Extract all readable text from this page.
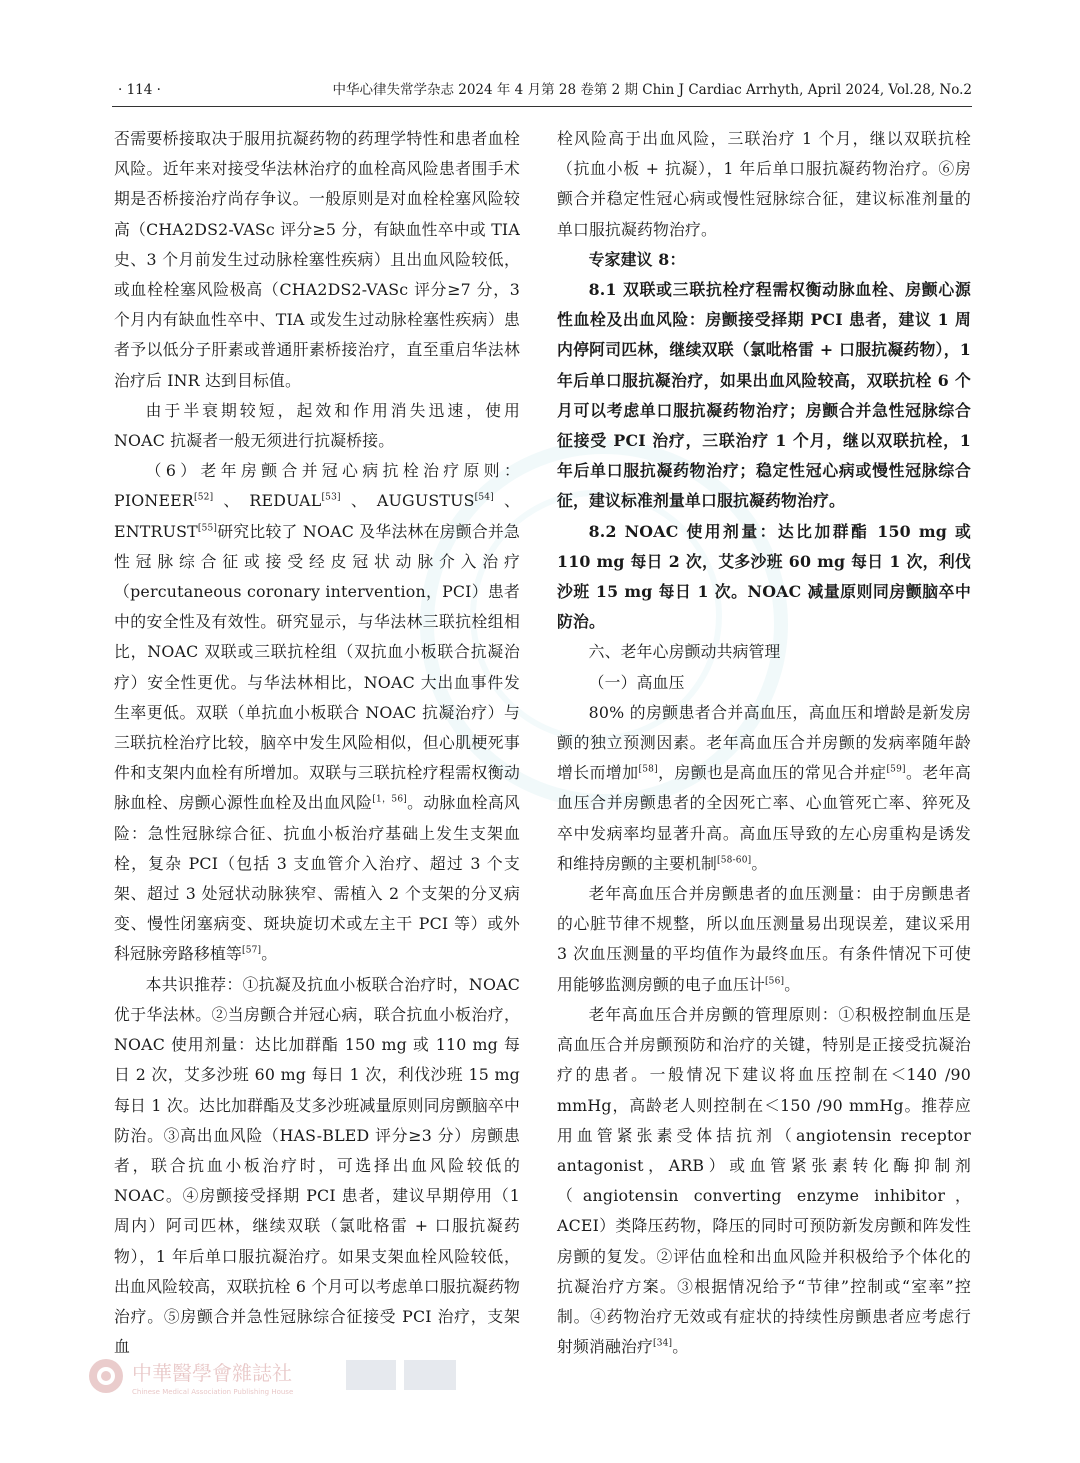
· 114 ·	中华心律失常学杂志 2024 年 4 月第 28 卷第 2 期 Chin J Cardiac Arrhyth, April 2024, Vol.28, No.2

否需要桥接取决于服用抗凝药物的药理学特性和患者血栓风险。近年来对接受华法林治疗的血栓高风险患者围手术期是否桥接治疗尚存争议。一般原则是对血栓栓塞风险较高（CHA2DS2-VASc 评分≥5 分，有缺血性卒中或 TIA 史、3 个月前发生过动脉栓塞性疾病）且出血风险较低，或血栓栓塞风险极高（CHA2DS2-VASc 评分≥7 分，3 个月内有缺血性卒中、TIA 或发生过动脉栓塞性疾病）患者予以低分子肝素或普通肝素桥接治疗，直至重启华法林治疗后 INR 达到目标值。

由于半衰期较短，起效和作用消失迅速，使用 NOAC 抗凝者一般无须进行抗凝桥接。

（6）老年房颤合并冠心病抗栓治疗原则：PIONEER[52]、REDUAL[53]、AUGUSTUS[54]、ENTRUST[55]研究比较了 NOAC 及华法林在房颤合并急性冠脉综合征或接受经皮冠状动脉介入治疗（percutaneous coronary intervention，PCI）患者中的安全性及有效性。研究显示，与华法林三联抗栓组相比，NOAC 双联或三联抗栓组（双抗血小板联合抗凝治疗）安全性更优。与华法林相比，NOAC 大出血事件发生率更低。双联（单抗血小板联合 NOAC 抗凝治疗）与三联抗栓治疗比较，脑卒中发生风险相似，但心肌梗死事件和支架内血栓有所增加。双联与三联抗栓疗程需权衡动脉血栓、房颤心源性血栓及出血风险[1，56]。动脉血栓高风险：急性冠脉综合征、抗血小板治疗基础上发生支架血栓，复杂 PCI（包括 3 支血管介入治疗、超过 3 个支架、超过 3 处冠状动脉狭窄、需植入 2 个支架的分叉病变、慢性闭塞病变、斑块旋切术或左主干 PCI 等）或外科冠脉旁路移植等[57]。

本共识推荐：①抗凝及抗血小板联合治疗时，NOAC 优于华法林。②当房颤合并冠心病，联合抗血小板治疗，NOAC 使用剂量：达比加群酯 150 mg 或 110 mg 每日 2 次，艾多沙班 60 mg 每日 1 次，利伐沙班 15 mg 每日 1 次。达比加群酯及艾多沙班减量原则同房颤脑卒中防治。③高出血风险（HAS-BLED 评分≥3 分）房颤患者，联合抗血小板治疗时，可选择出血风险较低的 NOAC。④房颤接受择期 PCI 患者，建议早期停用（1 周内）阿司匹林，继续双联（氯吡格雷 + 口服抗凝药物），1 年后单口服抗凝治疗。如果支架血栓风险较低，出血风险较高，双联抗栓 6 个月可以考虑单口服抗凝药物治疗。⑤房颤合并急性冠脉综合征接受 PCI 治疗，支架血

栓风险高于出血风险，三联治疗 1 个月，继以双联抗栓（抗血小板 + 抗凝），1 年后单口服抗凝药物治疗。⑥房颤合并稳定性冠心病或慢性冠脉综合征，建议标准剂量的单口服抗凝药物治疗。

专家建议 8：

8.1 双联或三联抗栓疗程需权衡动脉血栓、房颤心源性血栓及出血风险：房颤接受择期 PCI 患者，建议 1 周内停阿司匹林，继续双联（氯吡格雷 + 口服抗凝药物），1 年后单口服抗凝治疗，如果出血风险较高，双联抗栓 6 个月可以考虑单口服抗凝药物治疗；房颤合并急性冠脉综合征接受 PCI 治疗，三联治疗 1 个月，继以双联抗栓，1 年后单口服抗凝药物治疗；稳定性冠心病或慢性冠脉综合征，建议标准剂量单口服抗凝药物治疗。

8.2 NOAC 使用剂量：达比加群酯 150 mg 或 110 mg 每日 2 次，艾多沙班 60 mg 每日 1 次，利伐沙班 15 mg 每日 1 次。NOAC 减量原则同房颤脑卒中防治。

六、老年心房颤动共病管理

（一）高血压

80% 的房颤患者合并高血压，高血压和增龄是新发房颤的独立预测因素。老年高血压合并房颤的发病率随年龄增长而增加[58]，房颤也是高血压的常见合并症[59]。老年高血压合并房颤患者的全因死亡率、心血管死亡率、猝死及卒中发病率均显著升高。高血压导致的左心房重构是诱发和维持房颤的主要机制[58-60]。

老年高血压合并房颤患者的血压测量：由于房颤患者的心脏节律不规整，所以血压测量易出现误差，建议采用 3 次血压测量的平均值作为最终血压。有条件情况下可使用能够监测房颤的电子血压计[56]。

老年高血压合并房颤的管理原则：①积极控制血压是高血压合并房颤预防和治疗的关键，特别是正接受抗凝治疗的患者。一般情况下建议将血压控制在＜140 /90 mmHg，高龄老人则控制在＜150 /90 mmHg。推荐应用血管紧张素受体拮抗剂（angiotensin receptor antagonist，ARB）或血管紧张素转化酶抑制剂（angiotensin converting enzyme inhibitor，ACEI）类降压药物，降压的同时可预防新发房颤和阵发性房颤的复发。②评估血栓和出血风险并积极给予个体化的抗凝治疗方案。③根据情况给予“节律”控制或“室率”控制。④药物治疗无效或有症状的持续性房颤患者应考虑行射频消融治疗[34]。

中華醫學會雜誌社
Chinese Medical Association Publishing House
